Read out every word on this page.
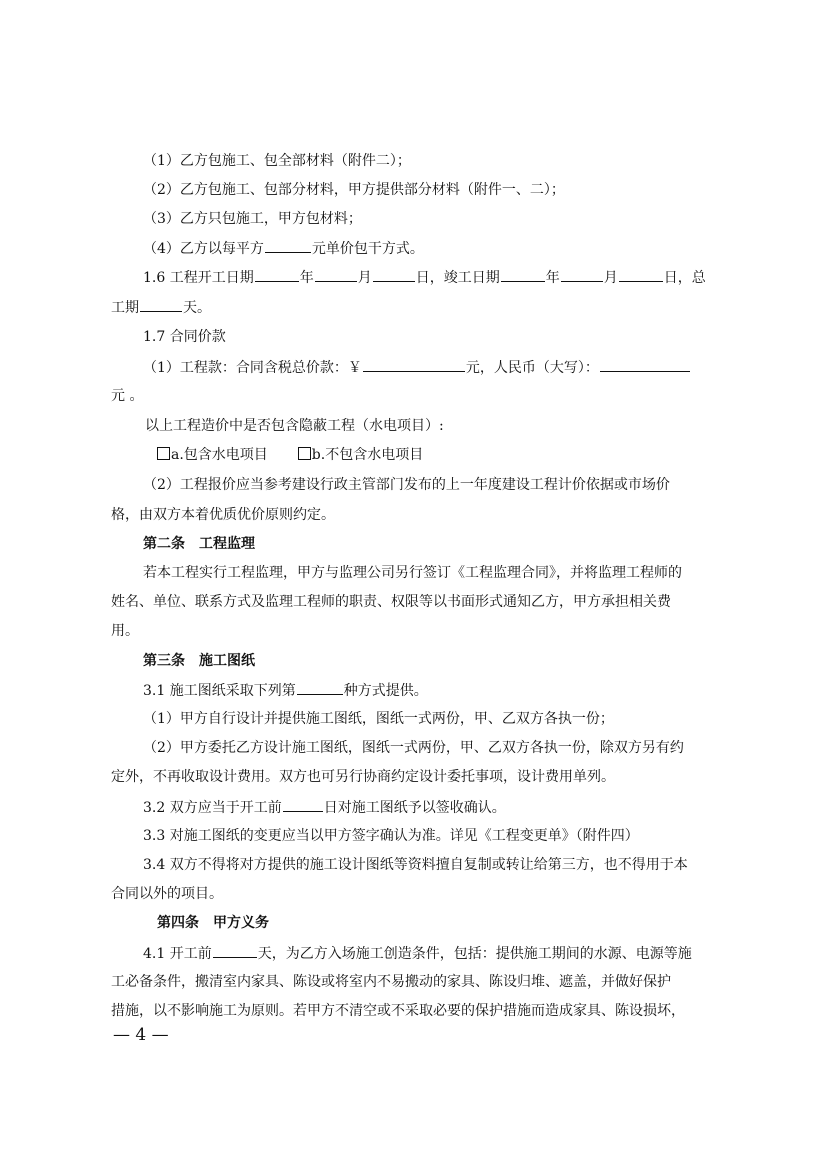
（1）乙方包施工、包全部材料（附件二）；
（2）乙方包施工、包部分材料，甲方提供部分材料（附件一、二）；
（3）乙方只包施工，甲方包材料；
（4）乙方以每平方	元单价包干方式。
1.6 工程开工日期	年	月	日，竣工日期	年	月	日，总
工期	天。
1.7 合同价款
（1）工程款：合同含税总价款：￥	元，人民币（大写）：
元 。
以上工程造价中是否包含隐蔽工程（水电项目）:
a.包含水电项目	b.不包含水电项目
（2）工程报价应当参考建设行政主管部门发布的上一年度建设工程计价依据或市场价
格，由双方本着优质优价原则约定。
第二条　工程监理
若本工程实行工程监理，甲方与监理公司另行签订《工程监理合同》，并将监理工程师的
姓名、单位、联系方式及监理工程师的职责、权限等以书面形式通知乙方，甲方承担相关费
用。
第三条　施工图纸
3.1 施工图纸采取下列第	种方式提供。
（1）甲方自行设计并提供施工图纸，图纸一式两份，甲、乙双方各执一份；
（2）甲方委托乙方设计施工图纸，图纸一式两份，甲、乙双方各执一份，除双方另有约
定外，不再收取设计费用。双方也可另行协商约定设计委托事项，设计费用单列。
3.2 双方应当于开工前	日对施工图纸予以签收确认。
3.3 对施工图纸的变更应当以甲方签字确认为准。详见《工程变更单》（附件四）
3.4 双方不得将对方提供的施工设计图纸等资料擅自复制或转让给第三方，也不得用于本
合同以外的项目。
第四条　甲方义务
4.1 开工前	天，为乙方入场施工创造条件，包括：提供施工期间的水源、电源等施
工必备条件，搬清室内家具、陈设或将室内不易搬动的家具、陈设归堆、遮盖，并做好保护
措施，以不影响施工为原则。若甲方不清空或不采取必要的保护措施而造成家具、陈设损坏，
— 4 —
